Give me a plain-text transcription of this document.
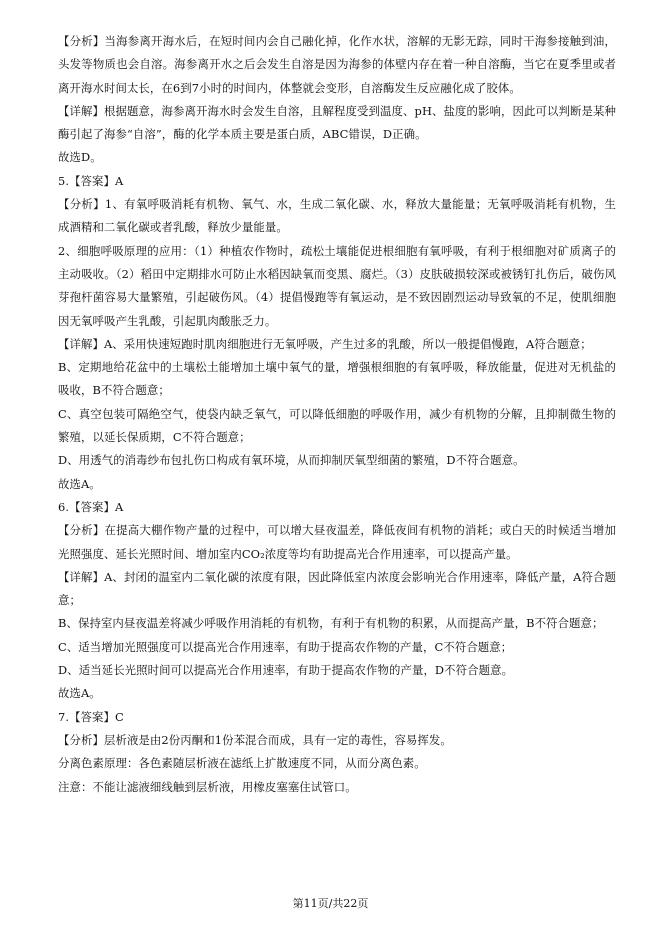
【分析】当海参离开海水后，在短时间内会自己融化掉，化作水状，溶解的无影无踪，同时干海参接触到油，头发等物质也会自溶。海参离开水之后会发生自溶是因为海参的体壁内存在着一种自溶酶，当它在夏季里或者离开海水时间太长，在6到7小时的时间内，体整就会变形，自溶酶发生反应融化成了胶体。

【详解】根据题意，海参离开海水时会发生自溶，且解程度受到温度、pH、盐度的影响，因此可以判断是某种酶引起了海参“自溶”，酶的化学本质主要是蛋白质，ABC错误，D正确。

故选D。

5.【答案】A

【分析】1、有氧呼吸消耗有机物、氧气、水，生成二氧化碳、水，释放大量能量；无氧呼吸消耗有机物，生成酒精和二氧化碳或者乳酸，释放少量能量。

2、细胞呼吸原理的应用：（1）种植农作物时，疏松土壤能促进根细胞有氧呼吸，有利于根细胞对矿质离子的主动吸收。（2）稻田中定期排水可防止水稻因缺氧而变黑、腐烂。（3）皮肤破损较深或被锈钉扎伤后，破伤风芽孢杆菌容易大量繁殖，引起破伤风。（4）提倡慢跑等有氧运动，是不致因剧烈运动导致氧的不足，使肌细胞因无氧呼吸产生乳酸，引起肌肉酸胀乏力。

【详解】A、采用快速短跑时肌肉细胞进行无氧呼吸，产生过多的乳酸，所以一般提倡慢跑，A符合题意；

B、定期地给花盆中的土壤松土能增加土壤中氧气的量，增强根细胞的有氧呼吸，释放能量，促进对无机盐的吸收，B不符合题意；

C、真空包装可隔绝空气，使袋内缺乏氧气，可以降低细胞的呼吸作用，减少有机物的分解，且抑制微生物的繁殖，以延长保质期，C不符合题意；

D、用透气的消毒纱布包扎伤口构成有氧环境，从而抑制厌氧型细菌的繁殖，D不符合题意。

故选A。

6.【答案】A

【分析】在提高大棚作物产量的过程中，可以增大昼夜温差，降低夜间有机物的消耗；或白天的时候适当增加光照强度、延长光照时间、增加室内CO₂浓度等均有助提高光合作用速率，可以提高产量。

【详解】A、封闭的温室内二氧化碳的浓度有限，因此降低室内浓度会影响光合作用速率，降低产量，A符合题意；

B、保持室内昼夜温差将减少呼吸作用消耗的有机物，有利于有机物的积累，从而提高产量，B不符合题意；

C、适当增加光照强度可以提高光合作用速率，有助于提高农作物的产量，C不符合题意；

D、适当延长光照时间可以提高光合作用速率，有助于提高农作物的产量，D不符合题意。

故选A。

7.【答案】C

【分析】层析液是由2份丙酮和1份苯混合而成，具有一定的毒性，容易挥发。

分离色素原理：各色素随层析液在滤纸上扩散速度不同，从而分离色素。

注意：不能让滤液细线触到层析液，用橡皮塞塞住试管口。

第11页/共22页
